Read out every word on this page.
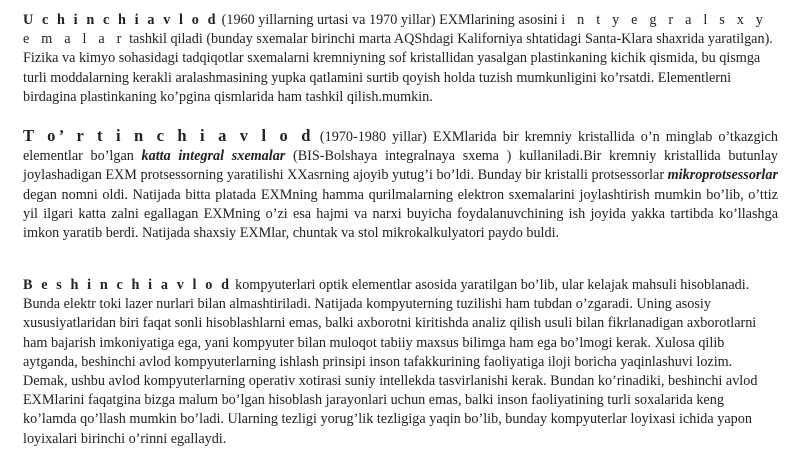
U c h i n c h i a v l o d (1960 yillarning urtasi va 1970 yillar) EXMlarining asosini i n t y e g r a l s x y e m a l a r tashkil qiladi (bunday sxemalar birinchi marta AQShdagi Kaliforniya shtatidagi Santa-Klara shaxrida yaratilgan). Fizika va kimyo sohasidagi tadqiqotlar sxemalarni kremniyning sof kristallidan yasalgan plastinkaning kichik qismida, bu qismga turli moddalarning kerakli aralashmasining yupka qatlamini surtib qoyish holda tuzish mumkunligini ko’rsatdi. Elementlerni birdagina plastinkaning ko’pgina qismlarida ham tashkil qilish.mumkin.

T o’ r t i n c h i a v l o d (1970-1980 yillar) EXMlarida bir kremniy kristallida o’n minglab o’tkazgich elementlar bo’lgan katta integral sxemalar (BIS-Bolshaya integralnaya sxema ) kullaniladi.Bir kremniy kristallida butunlay joylashadigan EXM protsessorning yaratilishi XXasrning ajoyib yutug’i bo’ldi. Bunday bir kristalli protsessorlar mikroprotsessorlar degan nomni oldi. Natijada bitta platada EXMning hamma qurilmalarning elektron sxemalarini joylashtirish mumkin bo’lib, o’ttiz yil ilgari katta zalni egallagan EXMning o’zi esa hajmi va narxi buyicha foydalanuvchining ish joyida yakka tartibda ko’llashga imkon yaratib berdi. Natijada shaxsiy EXMlar, chuntak va stol mikrokalkulyatori paydo buldi.

B e s h i n c h i a v l o d kompyuterlari optik elementlar asosida yaratilgan bo’lib, ular kelajak mahsuli hisoblanadi. Bunda elektr toki lazer nurlari bilan almashtiriladi. Natijada kompyuterning tuzilishi ham tubdan o’zgaradi. Uning asosiy xususiyatlaridan biri faqat sonli hisoblashlarni emas, balki axborotni kiritishda analiz qilish usuli bilan fikrlanadigan axborotlarni ham bajarish imkoniyatiga ega, yani kompyuter bilan muloqot tabiiy maxsus bilimga ham ega bo’lmogi kerak. Xulosa qilib aytganda, beshinchi avlod kompyuterlarning ishlash prinsipi inson tafakkurining faoliyatiga iloji boricha yaqinlashuvi lozim. Demak, ushbu avlod kompyuterlarning operativ xotirasi suniy intellekda tasvirlanishi kerak. Bundan ko’rinadiki, beshinchi avlod EXMlarini faqatgina bizga malum bo’lgan hisoblash jarayonlari uchun emas, balki inson faoliyatining turli soxalarida keng ko’lamda qo’llash mumkin bo’ladi. Ularning tezligi yorug’lik tezligiga yaqin bo’lib, bunday kompyuterlar loyixasi ichida yapon loyixalari birinchi o’rinni egallaydi.
